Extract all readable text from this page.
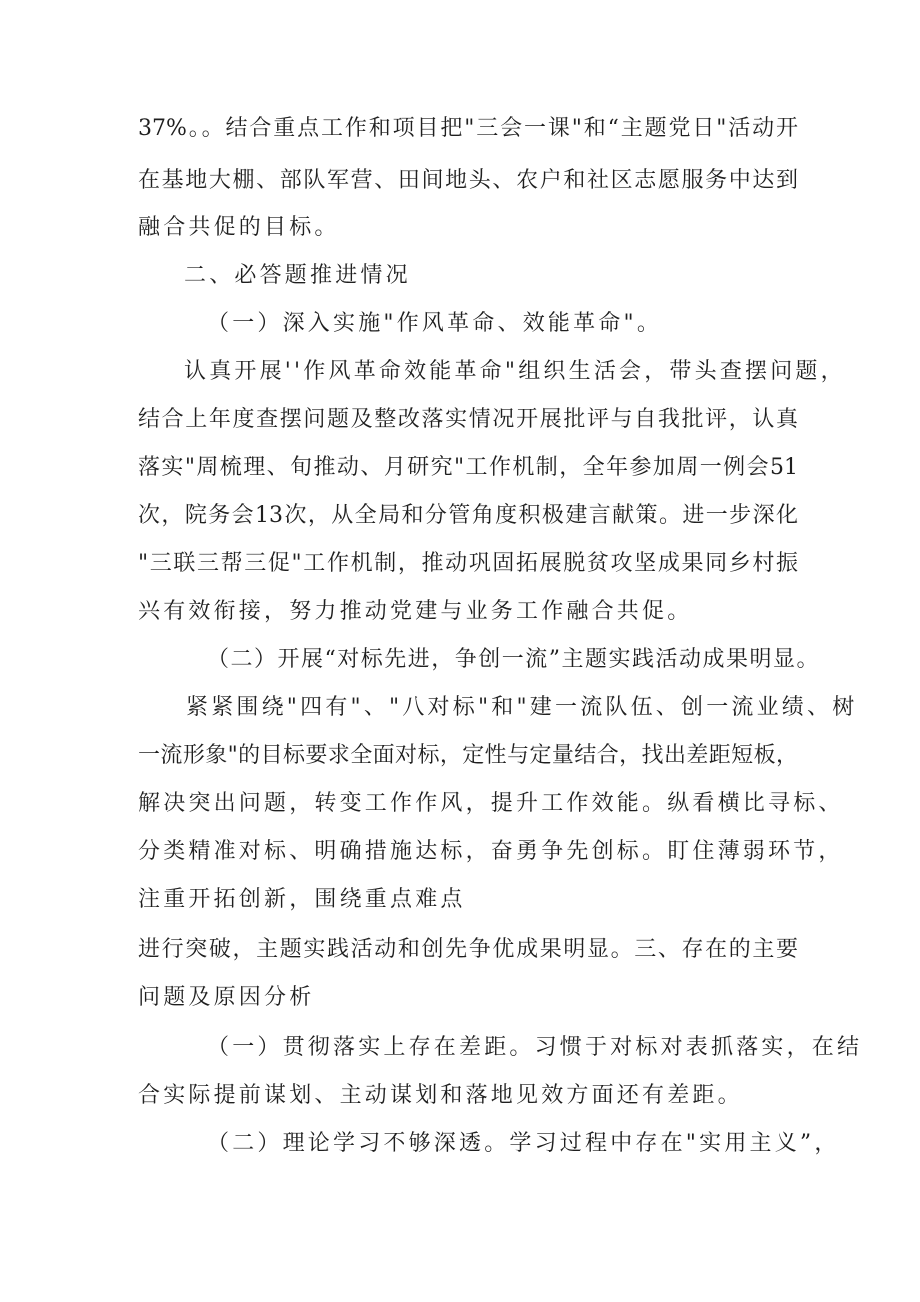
37%。。结合重点工作和项目把"三会一课"和“主题党日"活动开
在基地大棚、部队军营、田间地头、农户和社区志愿服务中达到
融合共促的目标。
二、必答题推进情况
（一）深入实施"作风革命、效能革命"。
认真开展''作风革命效能革命"组织生活会，带头查摆问题，
结合上年度查摆问题及整改落实情况开展批评与自我批评，认真
落实"周梳理、旬推动、月研究"工作机制，全年参加周一例会51
次，院务会13次，从全局和分管角度积极建言献策。进一步深化
"三联三帮三促"工作机制，推动巩固拓展脱贫攻坚成果同乡村振
兴有效衔接，努力推动党建与业务工作融合共促。
（二）开展“对标先进，争创一流”主题实践活动成果明显。
紧紧围绕"四有"、"八对标"和"建一流队伍、创一流业绩、树
一流形象"的目标要求全面对标，定性与定量结合，找出差距短板，
解决突出问题，转变工作作风，提升工作效能。纵看横比寻标、
分类精准对标、明确措施达标，奋勇争先创标。盯住薄弱环节，
注重开拓创新，围绕重点难点
进行突破，主题实践活动和创先争优成果明显。三、存在的主要
问题及原因分析
（一）贯彻落实上存在差距。习惯于对标对表抓落实，在结
合实际提前谋划、主动谋划和落地见效方面还有差距。
（二）理论学习不够深透。学习过程中存在"实用主义”，
